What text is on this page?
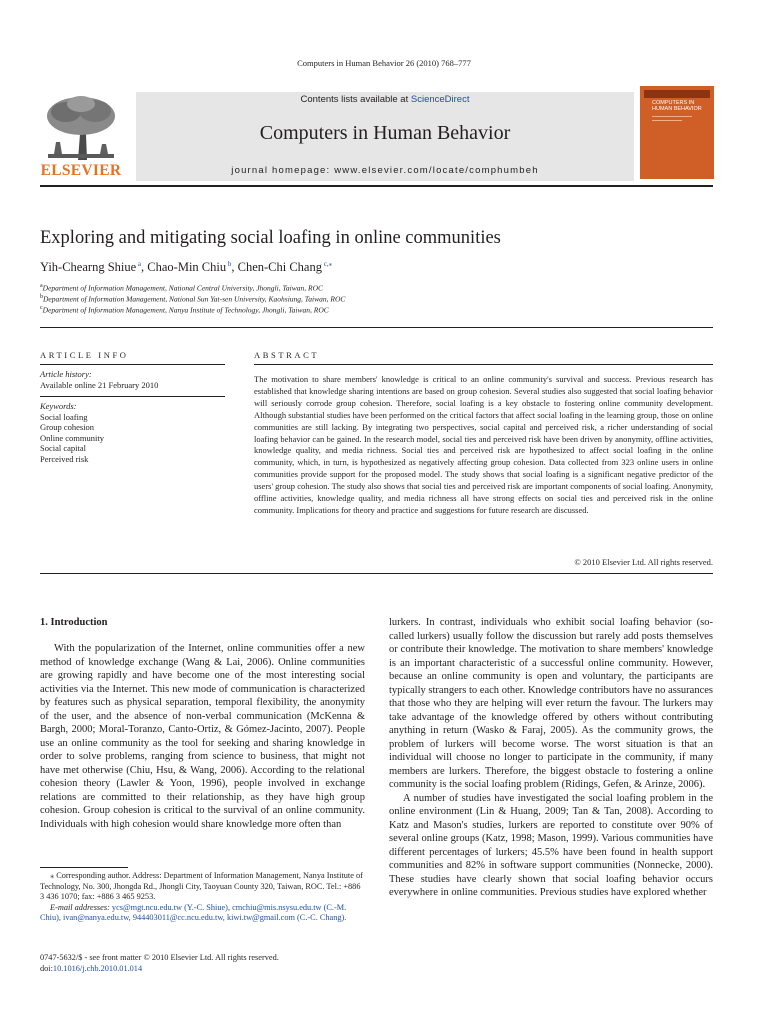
Computers in Human Behavior 26 (2010) 768–777
ELSEVIER
Contents lists available at ScienceDirect
Computers in Human Behavior
journal homepage: www.elsevier.com/locate/comphumbeh
COMPUTERS IN HUMAN BEHAVIOR
Exploring and mitigating social loafing in online communities
Yih-Chearng Shiue $^a$, Chao-Min Chiu $^b$, Chen-Chi Chang $^{c,⁎}$
$^a$Department of Information Management, National Central University, Jhongli, Taiwan, ROC
$^b$Department of Information Management, National Sun Yat-sen University, Kaohsiung, Taiwan, ROC
$^c$Department of Information Management, Nanya Institute of Technology, Jhongli, Taiwan, ROC
ARTICLE INFO
Article history:
Available online 21 February 2010
Keywords:
Social loafing
Group cohesion
Online community
Social capital
Perceived risk
ABSTRACT
The motivation to share members' knowledge is critical to an online community's survival and success. Previous research has established that knowledge sharing intentions are based on group cohesion. Several studies also suggested that social loafing behavior will seriously corrode group cohesion. Therefore, social loafing is a key obstacle to fostering online community development. Although substantial studies have been performed on the critical factors that affect social loafing in the learning group, those on online communities are still lacking. By integrating two perspectives, social capital and perceived risk, a richer understanding of social loafing behavior can be gained. In the research model, social ties and perceived risk have been driven by anonymity, offline activities, knowledge quality, and media richness. Social ties and perceived risk are hypothesized to affect social loafing in the online community, which, in turn, is hypothesized as negatively affecting group cohesion. Data collected from 323 online users in online communities provide support for the proposed model. The study shows that social loafing is a significant negative predictor of the users' group cohesion. The study also shows that social ties and perceived risk are important components of social loafing. Anonymity, offline activities, knowledge quality, and media richness all have strong effects on social ties and perceived risk in the online community. Implications for theory and practice and suggestions for future research are discussed.
© 2010 Elsevier Ltd. All rights reserved.
1. Introduction

With the popularization of the Internet, online communities offer a new method of knowledge exchange (Wang & Lai, 2006). Online communities are growing rapidly and have become one of the most interesting social activities via the Internet. This new mode of communication is characterized by features such as physical separation, temporal flexibility, the anonymity of the user, and the absence of non-verbal communication (McKenna & Bargh, 2000; Moral-Toranzo, Canto-Ortiz, & Gómez-Jacinto, 2007). People use an online community as the tool for seeking and sharing knowledge in order to solve problems, ranging from science to business, that might not have met otherwise (Chiu, Hsu, & Wang, 2006). According to the relational cohesion theory (Lawler & Yoon, 1996), people involved in exchange relations are committed to their relationship, as they have high group cohesion. Group cohesion is critical to the survival of an online community. Individuals with high cohesion would share knowledge more often than

lurkers. In contrast, individuals who exhibit social loafing behavior (so-called lurkers) usually follow the discussion but rarely add posts themselves or contribute their knowledge. The motivation to share members' knowledge is an important characteristic of a successful online community. However, because an online community is open and voluntary, the participants are typically strangers to each other. Knowledge contributors have no assurances that those who they are helping will ever return the favour. The lurkers may take advantage of the knowledge offered by others without contributing anything in return (Wasko & Faraj, 2005). As the community grows, the problem of lurkers will become worse. The worst situation is that an individual will choose no longer to participate in the community, if many members are lurkers. Therefore, the biggest obstacle to fostering a online community is the social loafing problem (Ridings, Gefen, & Arinze, 2006).

A number of studies have investigated the social loafing problem in the online environment (Lin & Huang, 2009; Tan & Tan, 2008). According to Katz and Mason's studies, lurkers are reported to constitute over 90% of several online groups (Katz, 1998; Mason, 1999). Various communities have different percentages of lurkers; 45.5% have been found in health support communities and 82% in software support communities (Nonnecke, 2000). These studies have clearly shown that social loafing behavior occurs everywhere in online communities. Previous studies have explored whether

⁎ Corresponding author. Address: Department of Information Management, Nanya Institute of Technology, No. 300, Jhongda Rd., Jhongli City, Taoyuan County 320, Taiwan, ROC. Tel.: +886 3 436 1070; fax: +886 3 465 9253.
E-mail addresses: ycs@mgt.ncu.edu.tw (Y.-C. Shiue), cmchiu@mis.nsysu.edu.tw (C.-M. Chiu), ivan@nanya.edu.tw, 944403011@cc.ncu.edu.tw, kiwi.tw@gmail.com (C.-C. Chang).
0747-5632/$ - see front matter © 2010 Elsevier Ltd. All rights reserved.
doi:10.1016/j.chb.2010.01.014
